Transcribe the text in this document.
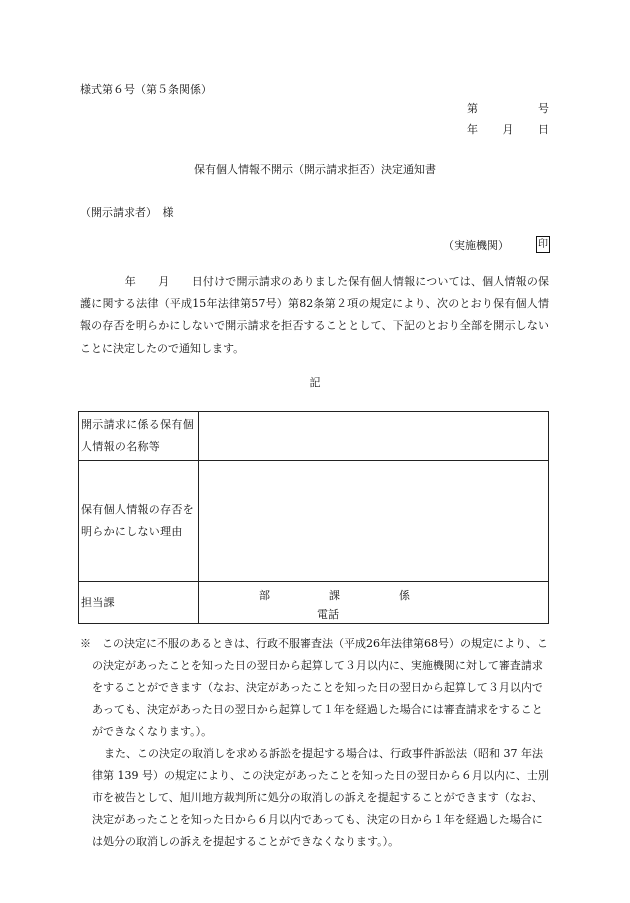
様式第６号（第５条関係）
第	号
年 月 日
保有個人情報不開示（開示請求拒否）決定通知書
（開示請求者）　様
（実施機関）	印
　　　　年　　月　　日付けで開示請求のありました保有個人情報については、個人情報の保護に関する法律（平成15年法律第57号）第82条第２項の規定により、次のとおり保有個人情報の存否を明らかにしないで開示請求を拒否することとして、下記のとおり全部を開示しないことに決定したので通知します。
記
開示請求に係る保有個人情報の名称等	
保有個人情報の存否を明らかにしない理由	
担当課	部 課 係
電話

※　この決定に不服のあるときは、行政不服審査法（平成26年法律第68号）の規定により、この決定があったことを知った日の翌日から起算して３月以内に、実施機関に対して審査請求をすることができます（なお、決定があったことを知った日の翌日から起算して３月以内であっても、決定があった日の翌日から起算して１年を経過した場合には審査請求をすることができなくなります。）。

また、この決定の取消しを求める訴訟を提起する場合は、行政事件訴訟法（昭和 37 年法律第 139 号）の規定により、この決定があったことを知った日の翌日から６月以内に、士別市を被告として、旭川地方裁判所に処分の取消しの訴えを提起することができます（なお、決定があったことを知った日から６月以内であっても、決定の日から１年を経過した場合には処分の取消しの訴えを提起することができなくなります。）。
